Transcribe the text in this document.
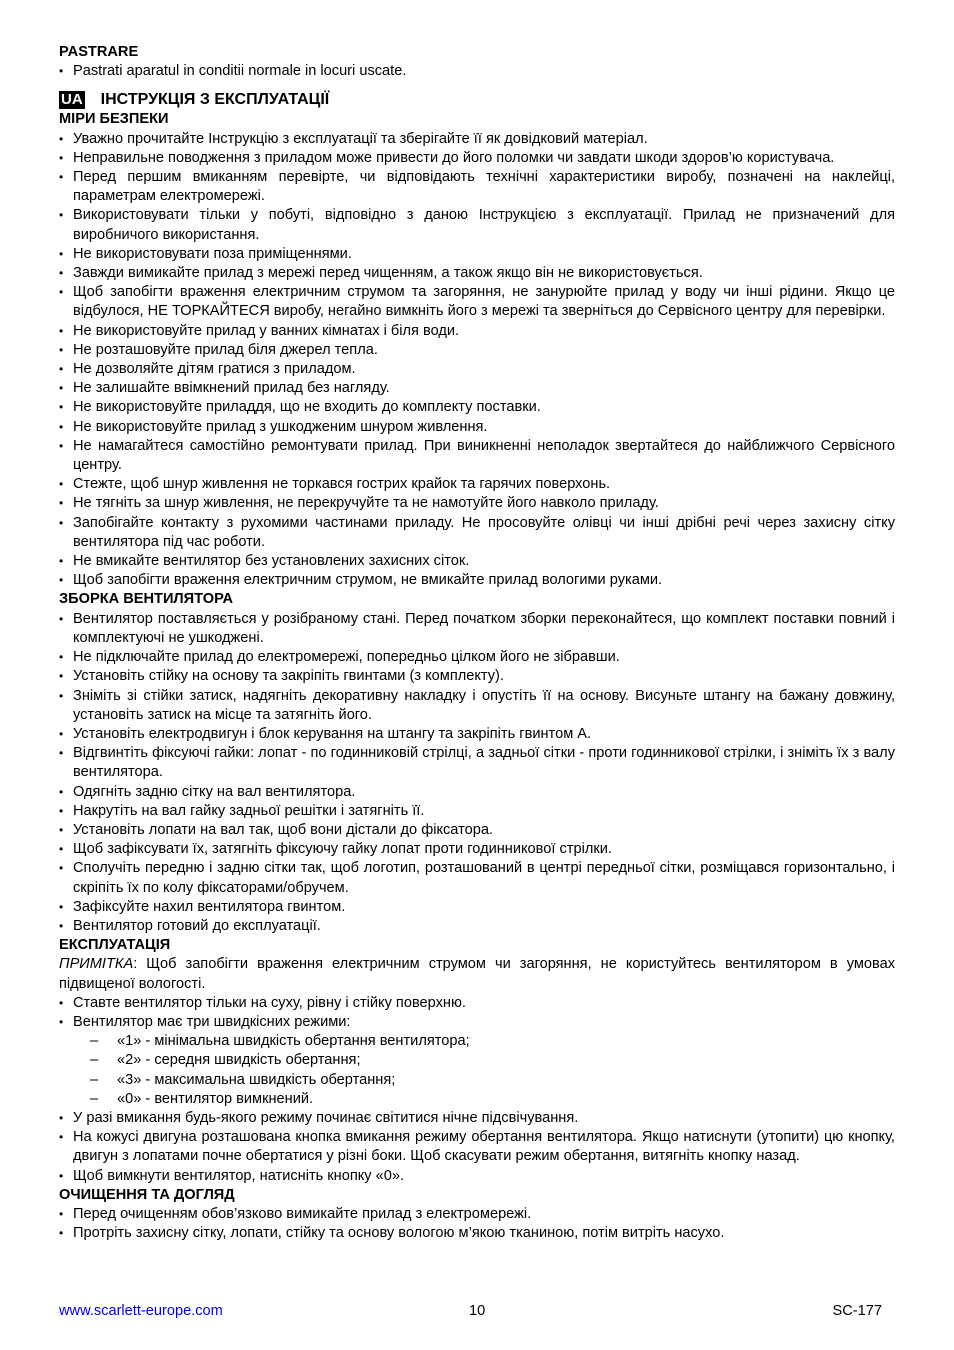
PASTRARE
• Pastrati aparatul in conditii normale in locuri uscate.
UA ІНСТРУКЦІЯ З ЕКСПЛУАТАЦІЇ
МІРИ БЕЗПЕКИ
• Уважно прочитайте Інструкцію з експлуатації та зберігайте її як довідковий матеріал.
• Неправильне поводження з приладом може привести до його поломки чи завдати шкоди здоров’ю користувача.
• Перед першим вмиканням перевірте, чи відповідають технічні характеристики виробу, позначені на наклейці, параметрам електромережі.
• Використовувати тільки у побуті, відповідно з даною Інструкцією з експлуатації. Прилад не призначений для виробничого використання.
• Не використовувати поза приміщеннями.
• Завжди вимикайте прилад з мережі перед чищенням, а також якщо він не використовується.
• Щоб запобігти враження електричним струмом та загоряння, не занурюйте прилад у воду чи інші рідини. Якщо це відбулося, НЕ ТОРКАЙТЕСЯ виробу, негайно вимкніть його з мережі та зверніться до Сервісного центру для перевірки.
• Не використовуйте прилад у ванних кімнатах і біля води.
• Не розташовуйте прилад біля джерел тепла.
• Не дозволяйте дітям гратися з приладом.
• Не залишайте ввімкнений прилад без нагляду.
• Не використовуйте приладдя, що не входить до комплекту поставки.
• Не використовуйте прилад з ушкодженим шнуром живлення.
• Не намагайтеся самостійно ремонтувати прилад. При виникненні неполадок звертайтеся до найближчого Сервісного центру.
• Стежте, щоб шнур живлення не торкався гострих крайок та гарячих поверхонь.
• Не тягніть за шнур живлення, не перекручуйте та не намотуйте його навколо приладу.
• Запобігайте контакту з рухомими частинами приладу. Не просовуйте олівці чи інші дрібні речі через захисну сітку вентилятора під час роботи.
• Не вмикайте вентилятор без установлених захисних сіток.
• Щоб запобігти враження електричним струмом, не вмикайте прилад вологими руками.
ЗБОРКА ВЕНТИЛЯТОРА
• Вентилятор поставляється у розібраному стані. Перед початком зборки переконайтеся, що комплект поставки повний і комплектуючі не ушкоджені.
• Не підключайте прилад до електромережі, попередньо цілком його не зібравши.
• Установіть стійку на основу та закріпіть гвинтами (з комплекту).
• Зніміть зі стійки затиск, надягніть декоративну накладку і опустіть її на основу. Висуньте штангу на бажану довжину, установіть затиск на місце та затягніть його.
• Установіть електродвигун і блок керування на штангу та закріпіть гвинтом А.
• Відгвинтіть фіксуючі гайки: лопат - по годинниковій стрілці, а задньої сітки - проти годинникової стрілки, і зніміть їх з валу вентилятора.
• Одягніть задню сітку на вал вентилятора.
• Накрутіть на вал гайку задньої решітки і затягніть її.
• Установіть лопати на вал так, щоб вони дістали до фіксатора.
• Щоб зафіксувати їх, затягніть фіксуючу гайку лопат проти годинникової стрілки.
• Сполучіть передню і задню сітки так, щоб логотип, розташований в центрі передньої сітки, розміщався горизонтально, і скріпіть їх по колу фіксаторами/обручем.
• Зафіксуйте нахил вентилятора гвинтом.
• Вентилятор готовий до експлуатації.
ЕКСПЛУАТАЦІЯ
ПРИМІТКА: Щоб запобігти враження електричним струмом чи загоряння, не користуйтесь вентилятором в умовах підвищеної вологості.
• Ставте вентилятор тільки на суху, рівну і стійку поверхню.
• Вентилятор має три швидкісних режими:
–	«1» - мінімальна швидкість обертання вентилятора;
–	«2» - середня швидкість обертання;
–	«3» - максимальна швидкість обертання;
–	«0» - вентилятор вимкнений.
• У разі вмикання будь-якого режиму починає світитися нічне підсвічування.
• На кожусі двигуна розташована кнопка вмикання режиму обертання вентилятора. Якщо натиснути (утопити) цю кнопку, двигун з лопатами почне обертатися у різні боки. Щоб скасувати режим обертання, витягніть кнопку назад.
• Щоб вимкнути вентилятор, натисніть кнопку «0».
ОЧИЩЕННЯ ТА ДОГЛЯД
• Перед очищенням обов’язково вимикайте прилад з електромережі.
• Протріть захисну сітку, лопати, стійку та основу вологою м’якою тканиною, потім витріть насухо.
www.scarlett-europe.com	10	SC-177
